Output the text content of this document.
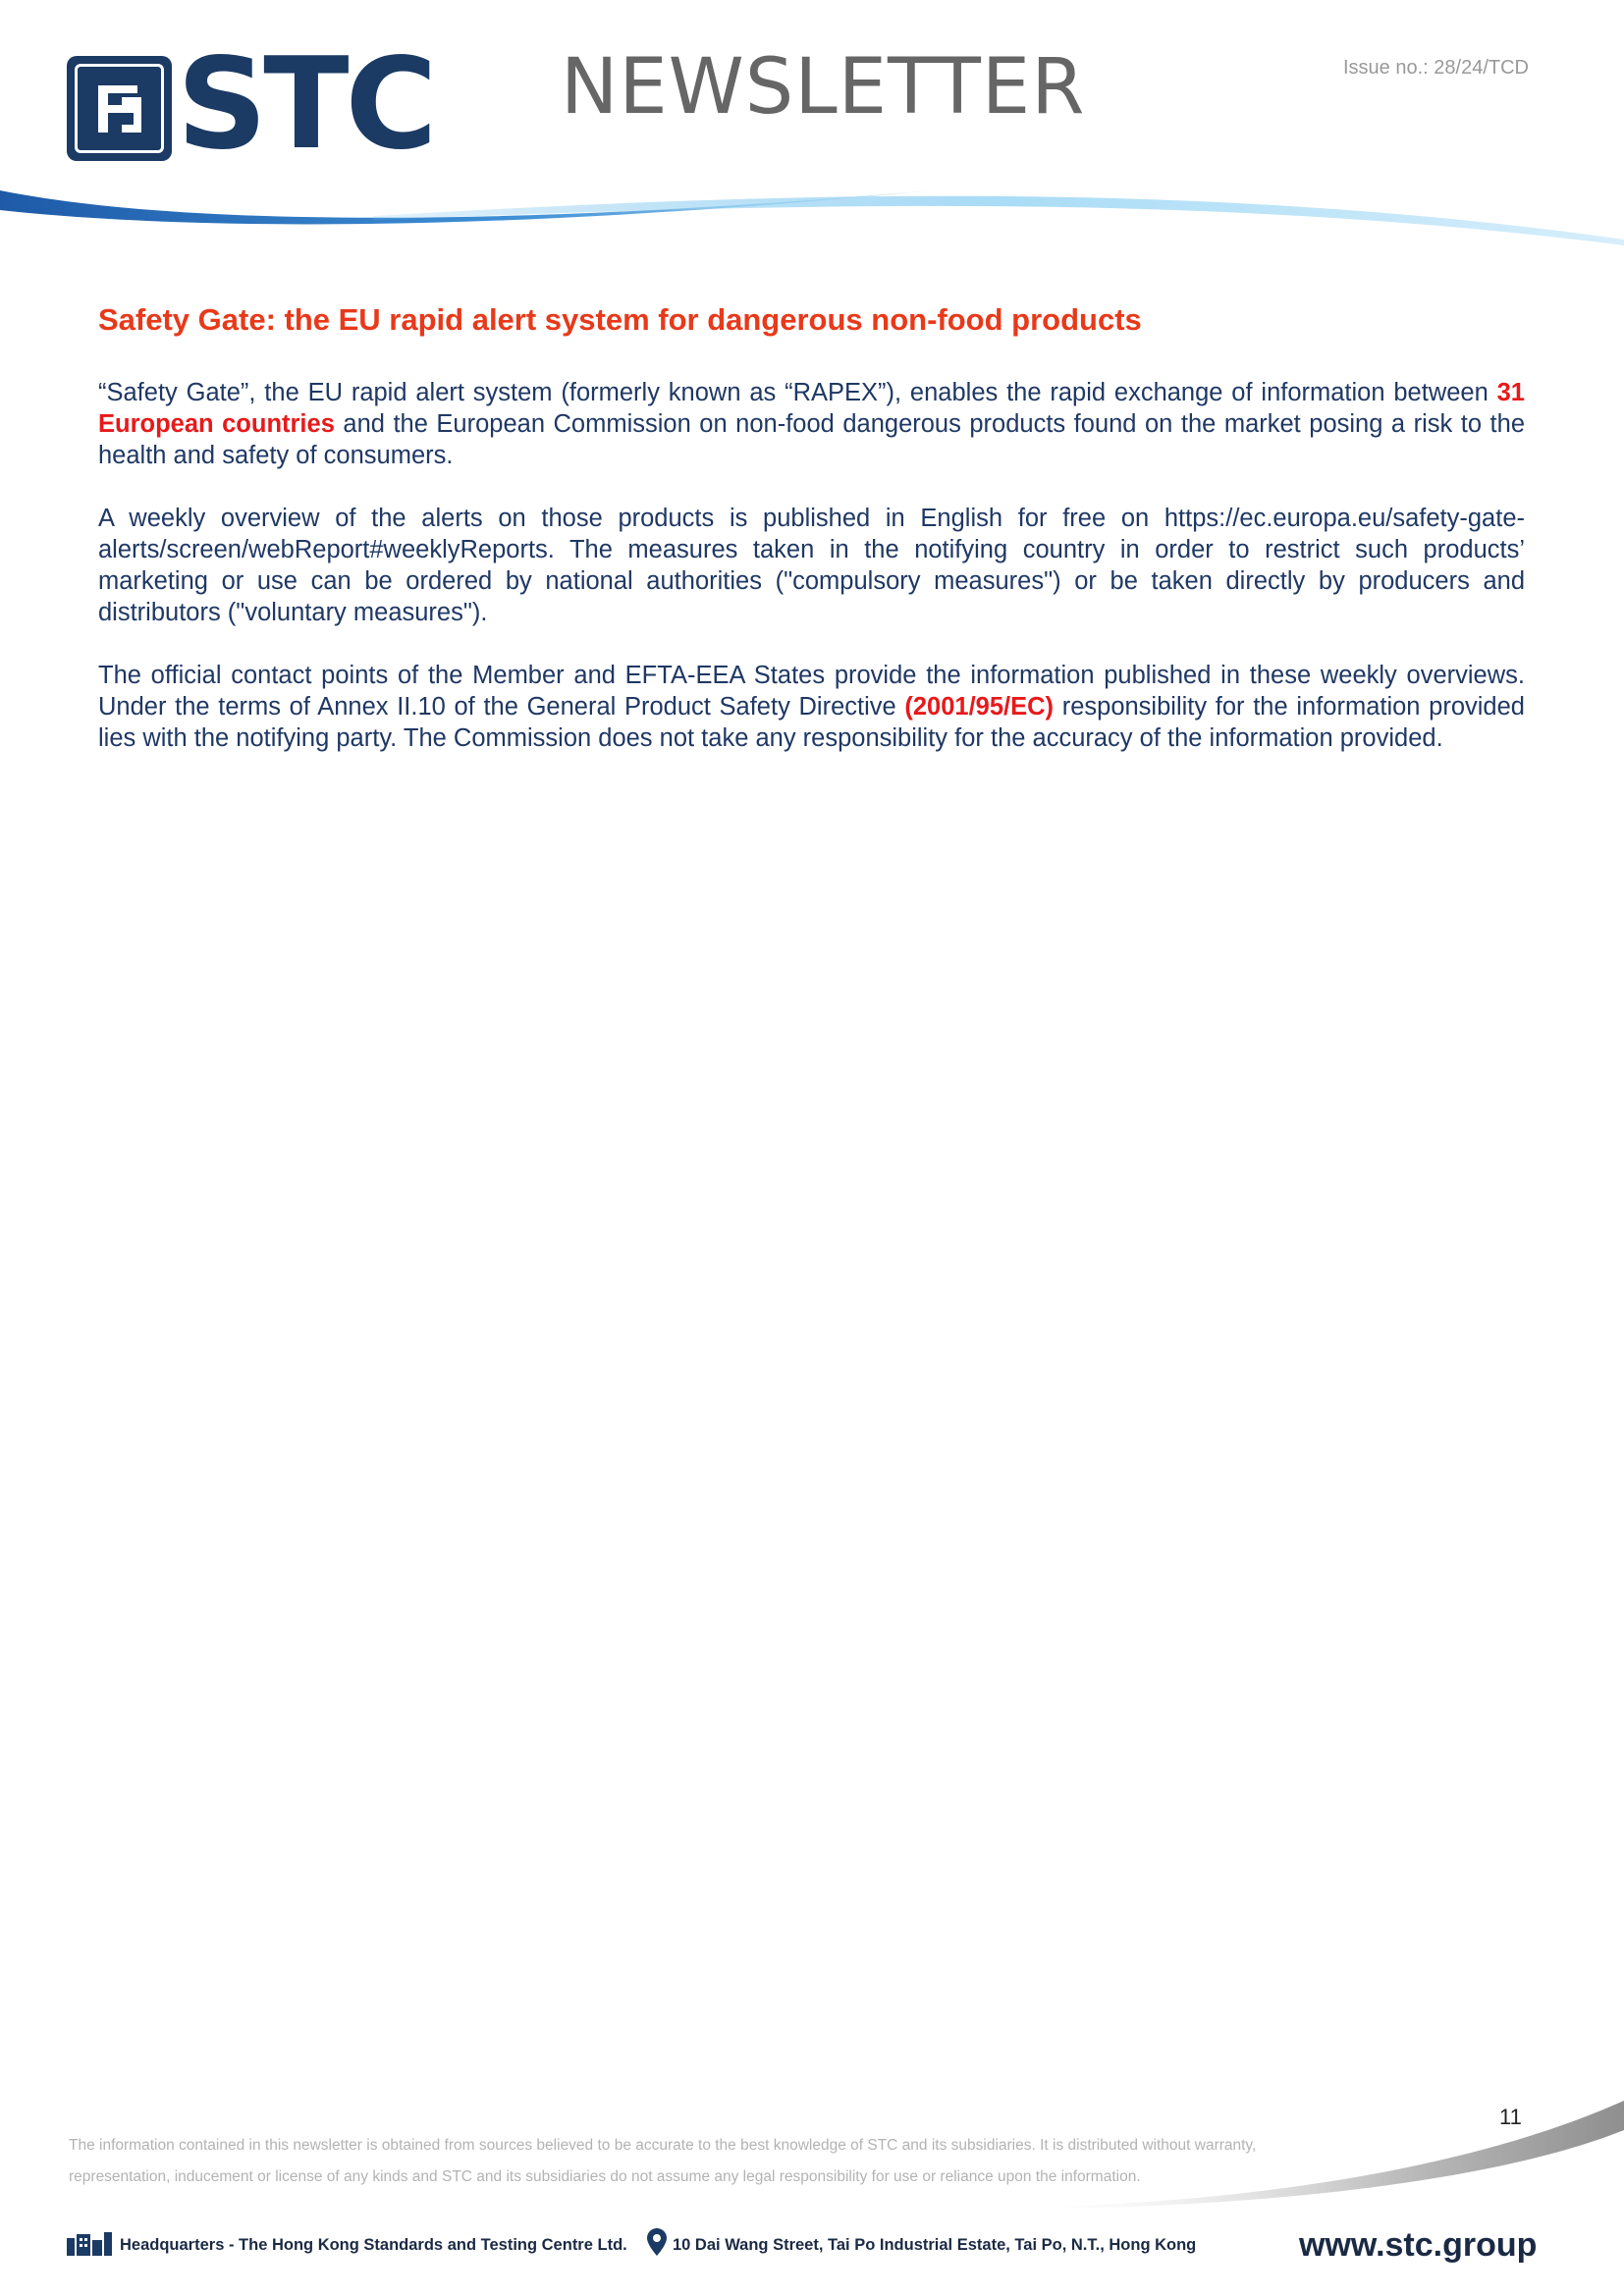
STC NEWSLETTER	Issue no.: 28/24/TCD
Safety Gate: the EU rapid alert system for dangerous non-food products

“Safety Gate”, the EU rapid alert system (formerly known as “RAPEX”), enables the rapid exchange of information between 31 European countries and the European Commission on non-food dangerous products found on the market posing a risk to the health and safety of consumers.

A weekly overview of the alerts on those products is published in English for free on https://ec.europa.eu/safety-gate-alerts/screen/webReport#weeklyReports. The measures taken in the notifying country in order to restrict such products’ marketing or use can be ordered by national authorities ("compulsory measures") or be taken directly by producers and distributors ("voluntary measures").

The official contact points of the Member and EFTA-EEA States provide the information published in these weekly overviews. Under the terms of Annex II.10 of the General Product Safety Directive (2001/95/EC) responsibility for the information provided lies with the notifying party. The Commission does not take any responsibility for the accuracy of the information provided.

11

The information contained in this newsletter is obtained from sources believed to be accurate to the best knowledge of STC and its subsidiaries. It is distributed without warranty, representation, inducement or license of any kinds and STC and its subsidiaries do not assume any legal responsibility for use or reliance upon the information.

Headquarters - The Hong Kong Standards and Testing Centre Ltd.	10 Dai Wang Street, Tai Po Industrial Estate, Tai Po, N.T., Hong Kong	www.stc.group
